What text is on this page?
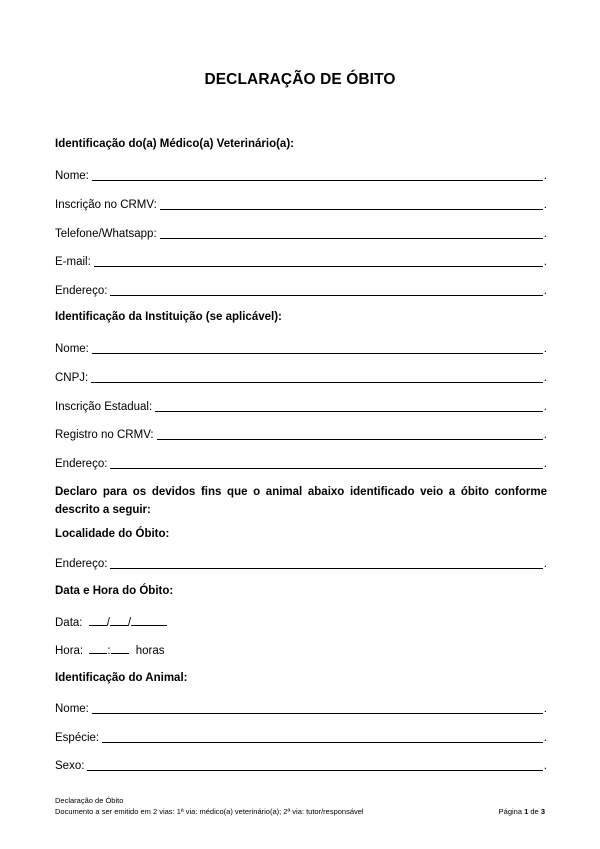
DECLARAÇÃO DE ÓBITO
Identificação do(a) Médico(a) Veterinário(a):
Nome:	.
Inscrição no CRMV:	.
Telefone/Whatsapp:	.
E-mail:	.
Endereço:	.
Identificação da Instituição (se aplicável):
Nome:	.
CNPJ:	.
Inscrição Estadual:	.
Registro no CRMV:	.
Endereço:	.
Declaro para os devidos fins que o animal abaixo identificado veio a óbito conforme descrito a seguir:
Localidade do Óbito:
Endereço:	.
Data e Hora do Óbito:
Data: / /
Hora: : horas
Identificação do Animal:
Nome:	.
Espécie:	.
Sexo:	.
Declaração de Óbito
Documento a ser emitido em 2 vias: 1ª via: médico(a) veterinário(a); 2ª via: tutor/responsável	Página 1 de 3
